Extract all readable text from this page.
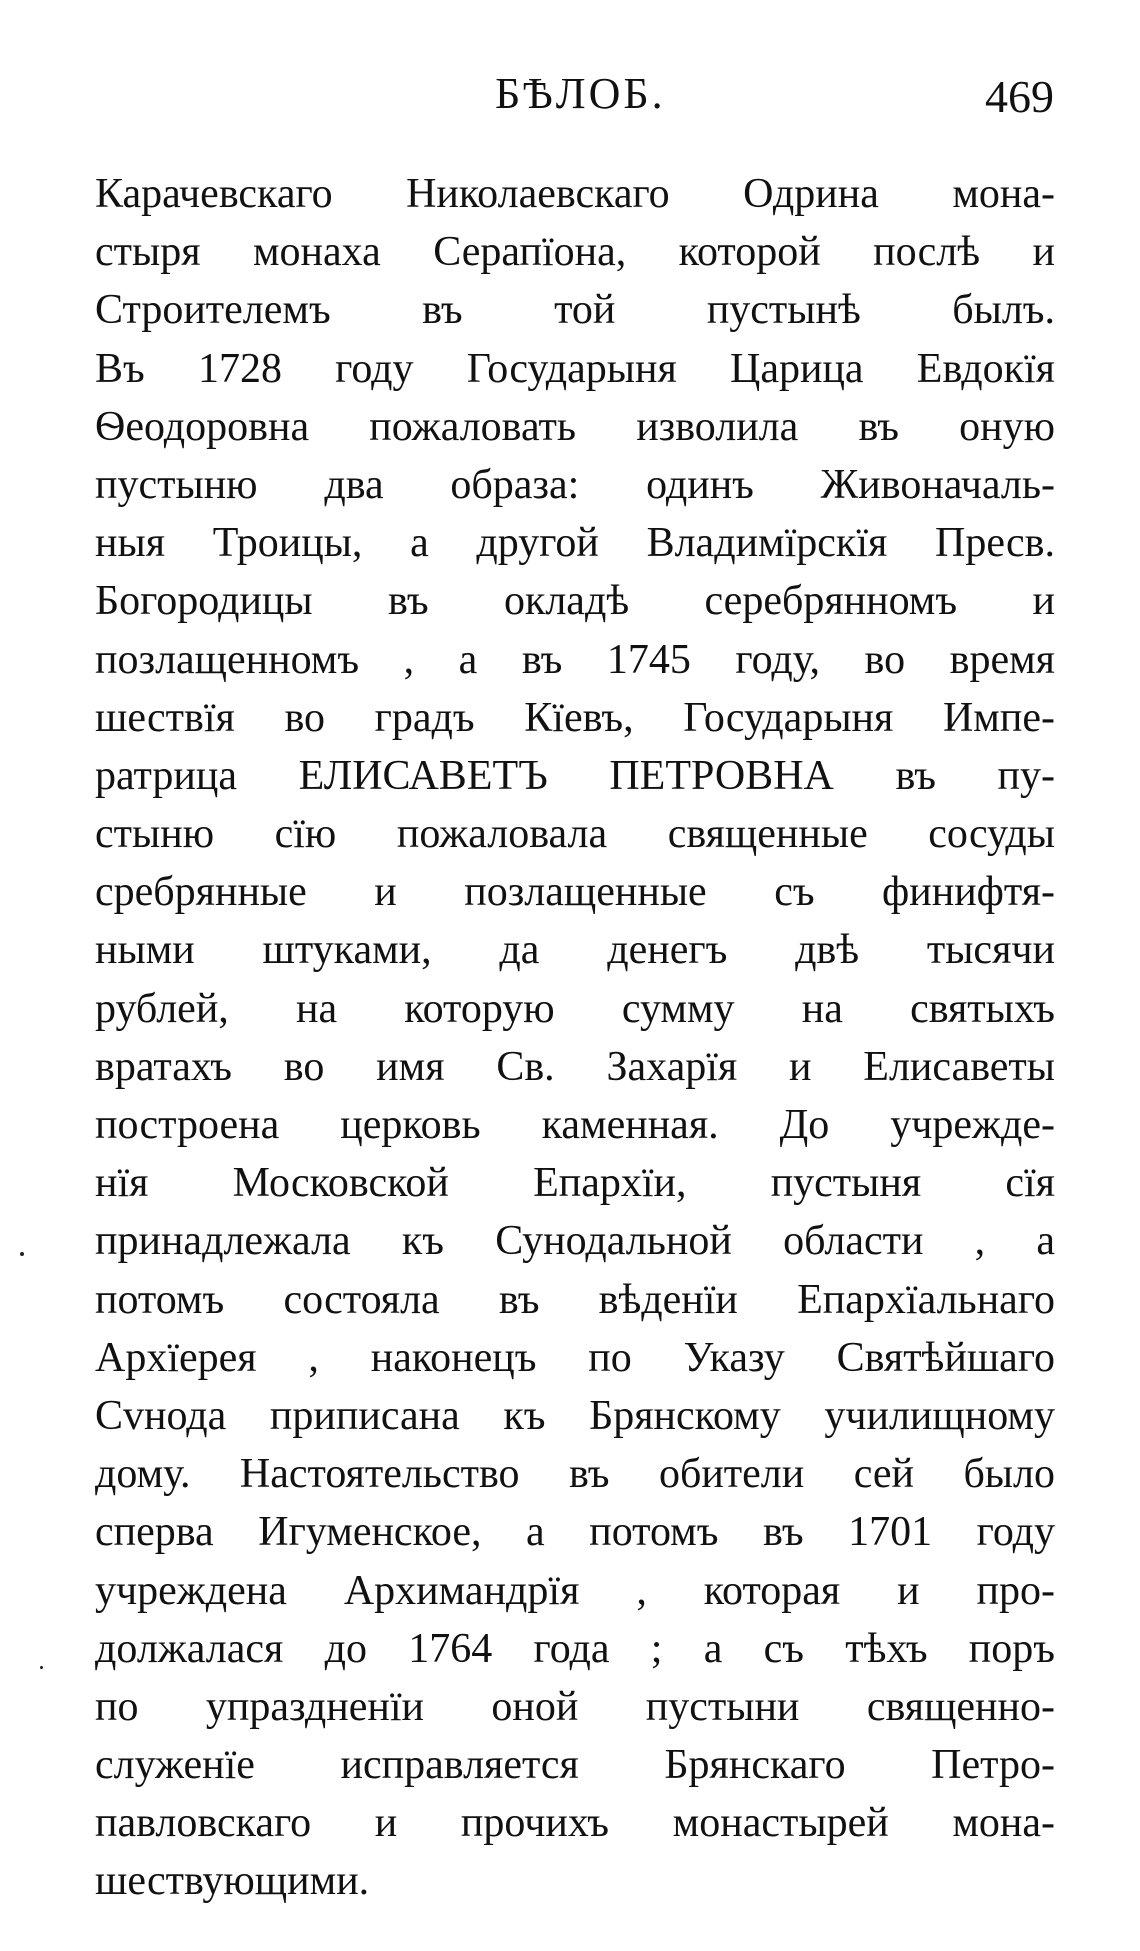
БѢЛОБ.	469
Карачевскаго Николаевскаго Одрина мона-
стыря монаха Серапїона, которой послѣ и
Строителемъ въ той пустынѣ былъ.
Въ 1728 году Государыня Царица Евдокїя
Ѳеодоровна пожаловать изволила въ оную
пустыню два образа: одинъ Живоначаль-
ныя Троицы, а другой Владимїрскїя Пресв.
Богородицы въ окладѣ серебрянномъ и
позлащенномъ , а въ 1745 году, во время
шествїя во градъ Кїевъ, Государыня Импе-
ратрица ЕЛИСАВЕТЪ ПЕТРОВНА въ пу-
стыню сїю пожаловала священные сосуды
сребрянные и позлащенные съ финифтя-
ными штуками, да денегъ двѣ тысячи
рублей, на которую сумму на святыхъ
вратахъ во имя Св. Захарїя и Елисаветы
построена церковь каменная. До учрежде-
нїя Московской Епархїи, пустыня сїя
принадлежала къ Сунодальной области , а
потомъ состояла въ вѣденїи Епархїальнаго
Архїерея , наконецъ по Указу Святѣйшаго
Сvнода приписана къ Брянскому училищному
дому. Настоятельство въ обители сей было
сперва Игуменское, а потомъ въ 1701 году
учреждена Архимандрїя , которая и про-
должалася до 1764 года ; а съ тѣхъ поръ
по упраздненїи оной пустыни священно-
служенїе исправляется Брянскаго Петро-
павловскаго и прочихъ монастырей мона-
шествующими.
